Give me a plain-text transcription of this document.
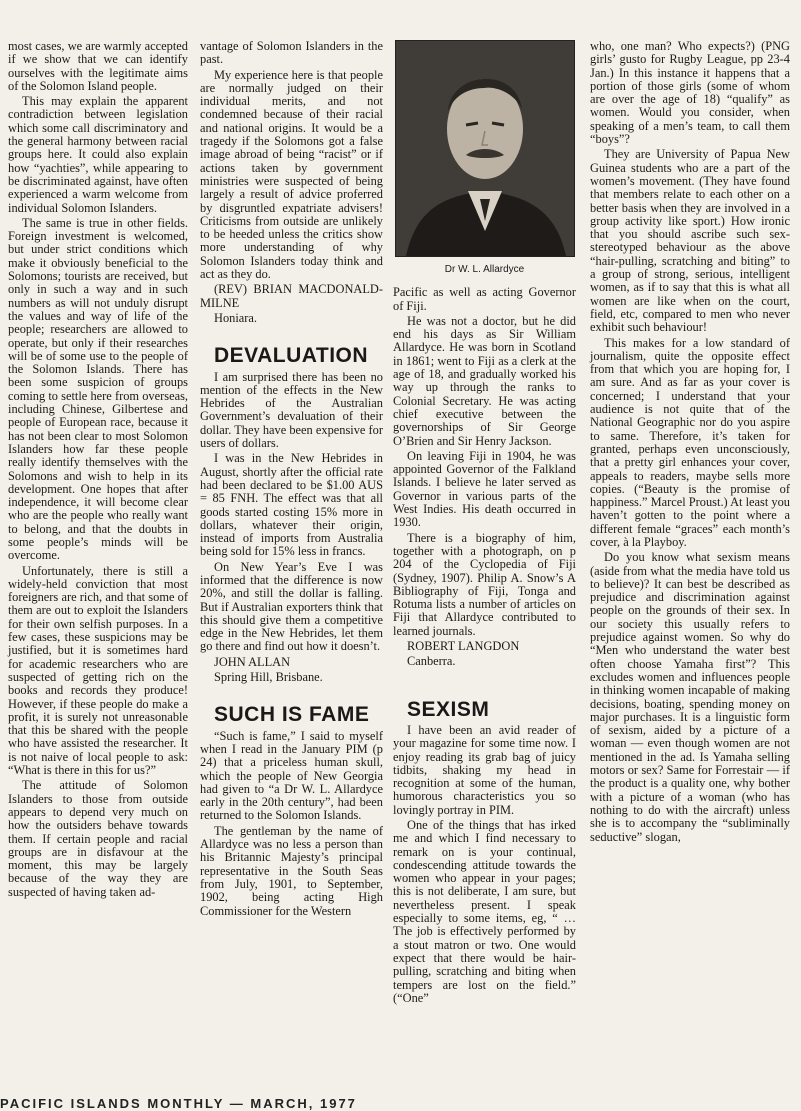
most cases, we are warmly accepted if we show that we can identify ourselves with the legitimate aims of the Solomon Island people.

This may explain the apparent contradiction between legislation which some call discriminatory and the general harmony between racial groups here. It could also explain how “yachties”, while appearing to be discriminated against, have often experienced a warm welcome from individual Solomon Islanders.

The same is true in other fields. Foreign investment is welcomed, but under strict conditions which make it obviously beneficial to the Solomons; tourists are received, but only in such a way and in such numbers as will not unduly disrupt the values and way of life of the people; researchers are allowed to operate, but only if their researches will be of some use to the people of the Solomon Islands. There has been some suspicion of groups coming to settle here from overseas, including Chinese, Gilbertese and people of European race, because it has not been clear to most Solomon Islanders how far these people really identify themselves with the Solomons and wish to help in its development. One hopes that after independence, it will become clear who are the people who really want to belong, and that the doubts in some people’s minds will be overcome.

Unfortunately, there is still a widely-held conviction that most foreigners are rich, and that some of them are out to exploit the Islanders for their own selfish purposes. In a few cases, these suspicions may be justified, but it is sometimes hard for academic researchers who are suspected of getting rich on the books and records they produce! However, if these people do make a profit, it is surely not unreasonable that this be shared with the people who have assisted the researcher. It is not naive of local people to ask: “What is there in this for us?”

The attitude of Solomon Islanders to those from outside appears to depend very much on how the outsiders behave towards them. If certain people and racial groups are in disfavour at the moment, this may be largely because of the way they are suspected of having taken ad-

vantage of Solomon Islanders in the past.

My experience here is that people are normally judged on their individual merits, and not condemned because of their racial and national origins. It would be a tragedy if the Solomons got a false image abroad of being “racist” or if actions taken by government ministries were suspected of being largely a result of advice proferred by disgruntled expatriate advisers! Criticisms from outside are unlikely to be heeded unless the critics show more understanding of why Solomon Islanders today think and act as they do.

(REV) BRIAN MACDONALD-MILNE

Honiara.

DEVALUATION

I am surprised there has been no mention of the effects in the New Hebrides of the Australian Government’s devaluation of their dollar. They have been expensive for users of dollars.

I was in the New Hebrides in August, shortly after the official rate had been declared to be $1.00 AUS = 85 FNH. The effect was that all goods started costing 15% more in dollars, whatever their origin, instead of imports from Australia being sold for 15% less in francs.

On New Year’s Eve I was informed that the difference is now 20%, and still the dollar is falling. But if Australian exporters think that this should give them a competitive edge in the New Hebrides, let them go there and find out how it doesn’t.

JOHN ALLAN

Spring Hill, Brisbane.

SUCH IS FAME

“Such is fame,” I said to myself when I read in the January PIM (p 24) that a priceless human skull, which the people of New Georgia had given to “a Dr W. L. Allardyce early in the 20th century”, had been returned to the Solomon Islands.

The gentleman by the name of Allardyce was no less a person than his Britannic Majesty’s principal representative in the South Seas from July, 1901, to September, 1902, being acting High Commissioner for the Western

Dr W. L. Allardyce

Pacific as well as acting Governor of Fiji.

He was not a doctor, but he did end his days as Sir William Allardyce. He was born in Scotland in 1861; went to Fiji as a clerk at the age of 18, and gradually worked his way up through the ranks to Colonial Secretary. He was acting chief executive between the governorships of Sir George O’Brien and Sir Henry Jackson.

On leaving Fiji in 1904, he was appointed Governor of the Falkland Islands. I believe he later served as Governor in various parts of the West Indies. His death occurred in 1930.

There is a biography of him, together with a photograph, on p 204 of the Cyclopedia of Fiji (Sydney, 1907). Philip A. Snow’s A Bibliography of Fiji, Tonga and Rotuma lists a number of articles on Fiji that Allardyce contributed to learned journals.

ROBERT LANGDON

Canberra.

SEXISM

I have been an avid reader of your magazine for some time now. I enjoy reading its grab bag of juicy tidbits, shaking my head in recognition at some of the human, humorous characteristics you so lovingly portray in PIM.

One of the things that has irked me and which I find necessary to remark on is your continual, condescending attitude towards the women who appear in your pages; this is not deliberate, I am sure, but nevertheless present. I speak especially to some items, eg, “ … The job is effectively performed by a stout matron or two. One would expect that there would be hair-pulling, scratching and biting when tempers are lost on the field.” (“One”

who, one man? Who expects?) (PNG girls’ gusto for Rugby League, pp 23-4 Jan.) In this instance it happens that a portion of those girls (some of whom are over the age of 18) “qualify” as women. Would you consider, when speaking of a men’s team, to call them “boys”?

They are University of Papua New Guinea students who are a part of the women’s movement. (They have found that members relate to each other on a better basis when they are involved in a group activity like sport.) How ironic that you should ascribe such sex-stereotyped behaviour as the above “hair-pulling, scratching and biting” to a group of strong, serious, intelligent women, as if to say that this is what all women are like when on the court, field, etc, compared to men who never exhibit such behaviour!

This makes for a low standard of journalism, quite the opposite effect from that which you are hoping for, I am sure. And as far as your cover is concerned; I understand that your audience is not quite that of the National Geographic nor do you aspire to same. Therefore, it’s taken for granted, perhaps even unconsciously, that a pretty girl enhances your cover, appeals to readers, maybe sells more copies. (“Beauty is the promise of happiness.” Marcel Proust.) At least you haven’t gotten to the point where a different female “graces” each month’s cover, à la Playboy.

Do you know what sexism means (aside from what the media have told us to believe)? It can best be described as prejudice and discrimination against people on the grounds of their sex. In our society this usually refers to prejudice against women. So why do “Men who understand the water best often choose Yamaha first”? This excludes women and influences people in thinking women incapable of making decisions, boating, spending money on major purchases. It is a linguistic form of sexism, aided by a picture of a woman — even though women are not mentioned in the ad. Is Yamaha selling motors or sex? Same for Forrestair — if the product is a quality one, why bother with a picture of a woman (who has nothing to do with the aircraft) unless she is to accompany the “subliminally seductive” slogan,

PACIFIC ISLANDS MONTHLY — MARCH, 1977
